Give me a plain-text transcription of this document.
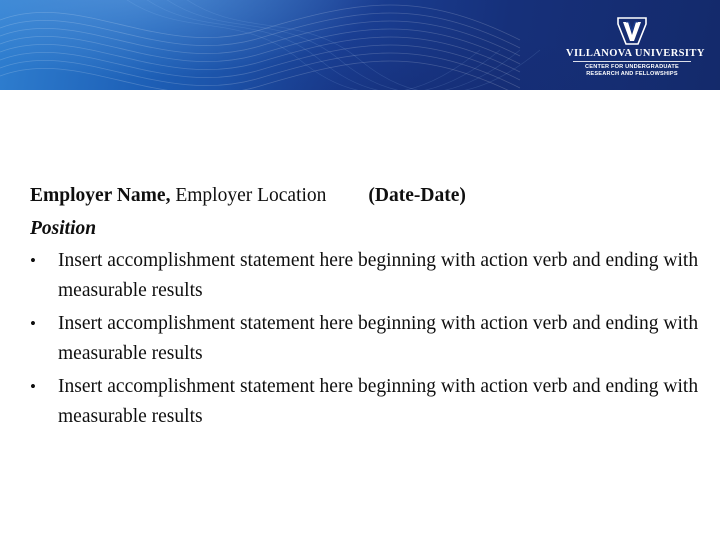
VILLANOVA UNIVERSITY
CENTER FOR UNDERGRADUATE
RESEARCH AND FELLOWSHIPS
Employer Name, Employer Location (Date-Date)
Position
• Insert accomplishment statement here beginning with action verb and ending with measurable results
• Insert accomplishment statement here beginning with action verb and ending with measurable results
• Insert accomplishment statement here beginning with action verb and ending with measurable results
